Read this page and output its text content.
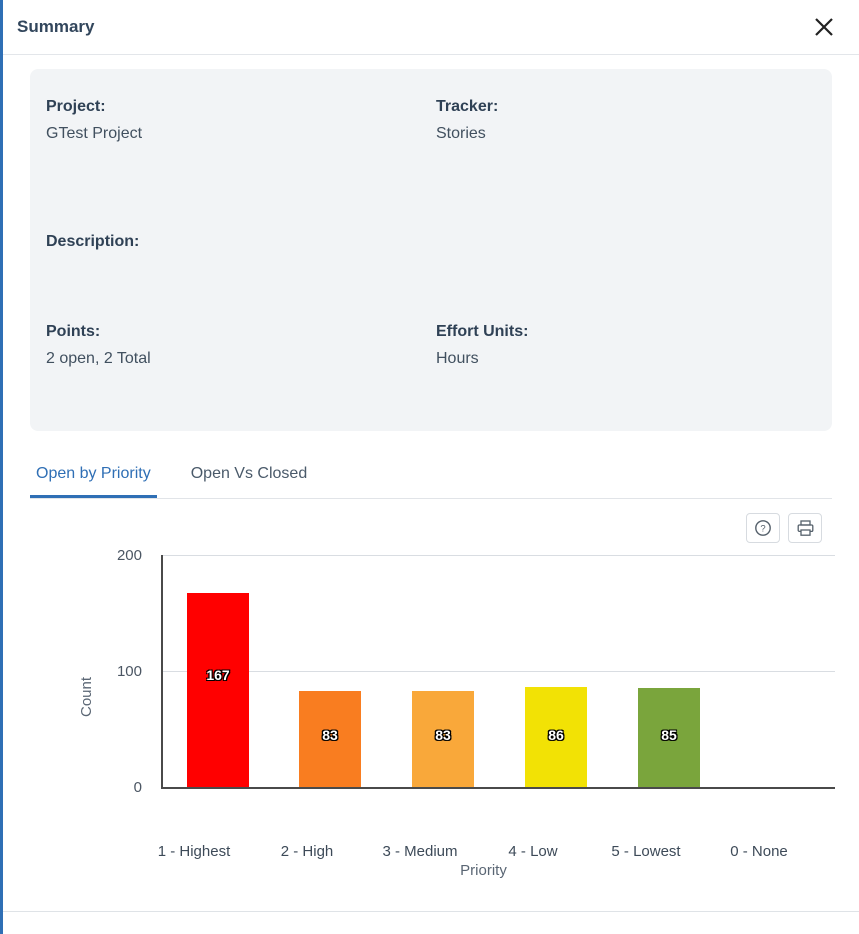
Summary
Project:
GTest Project
Tracker:
Stories
Description:
Points:
2 open, 2 Total
Effort Units:
Hours
Open by Priority	Open Vs Closed
?
200
100
0
Count
167
83	83	86	85
1 - Highest	2 - High	3 - Medium	4 - Low	5 - Lowest	0 - None
Priority
